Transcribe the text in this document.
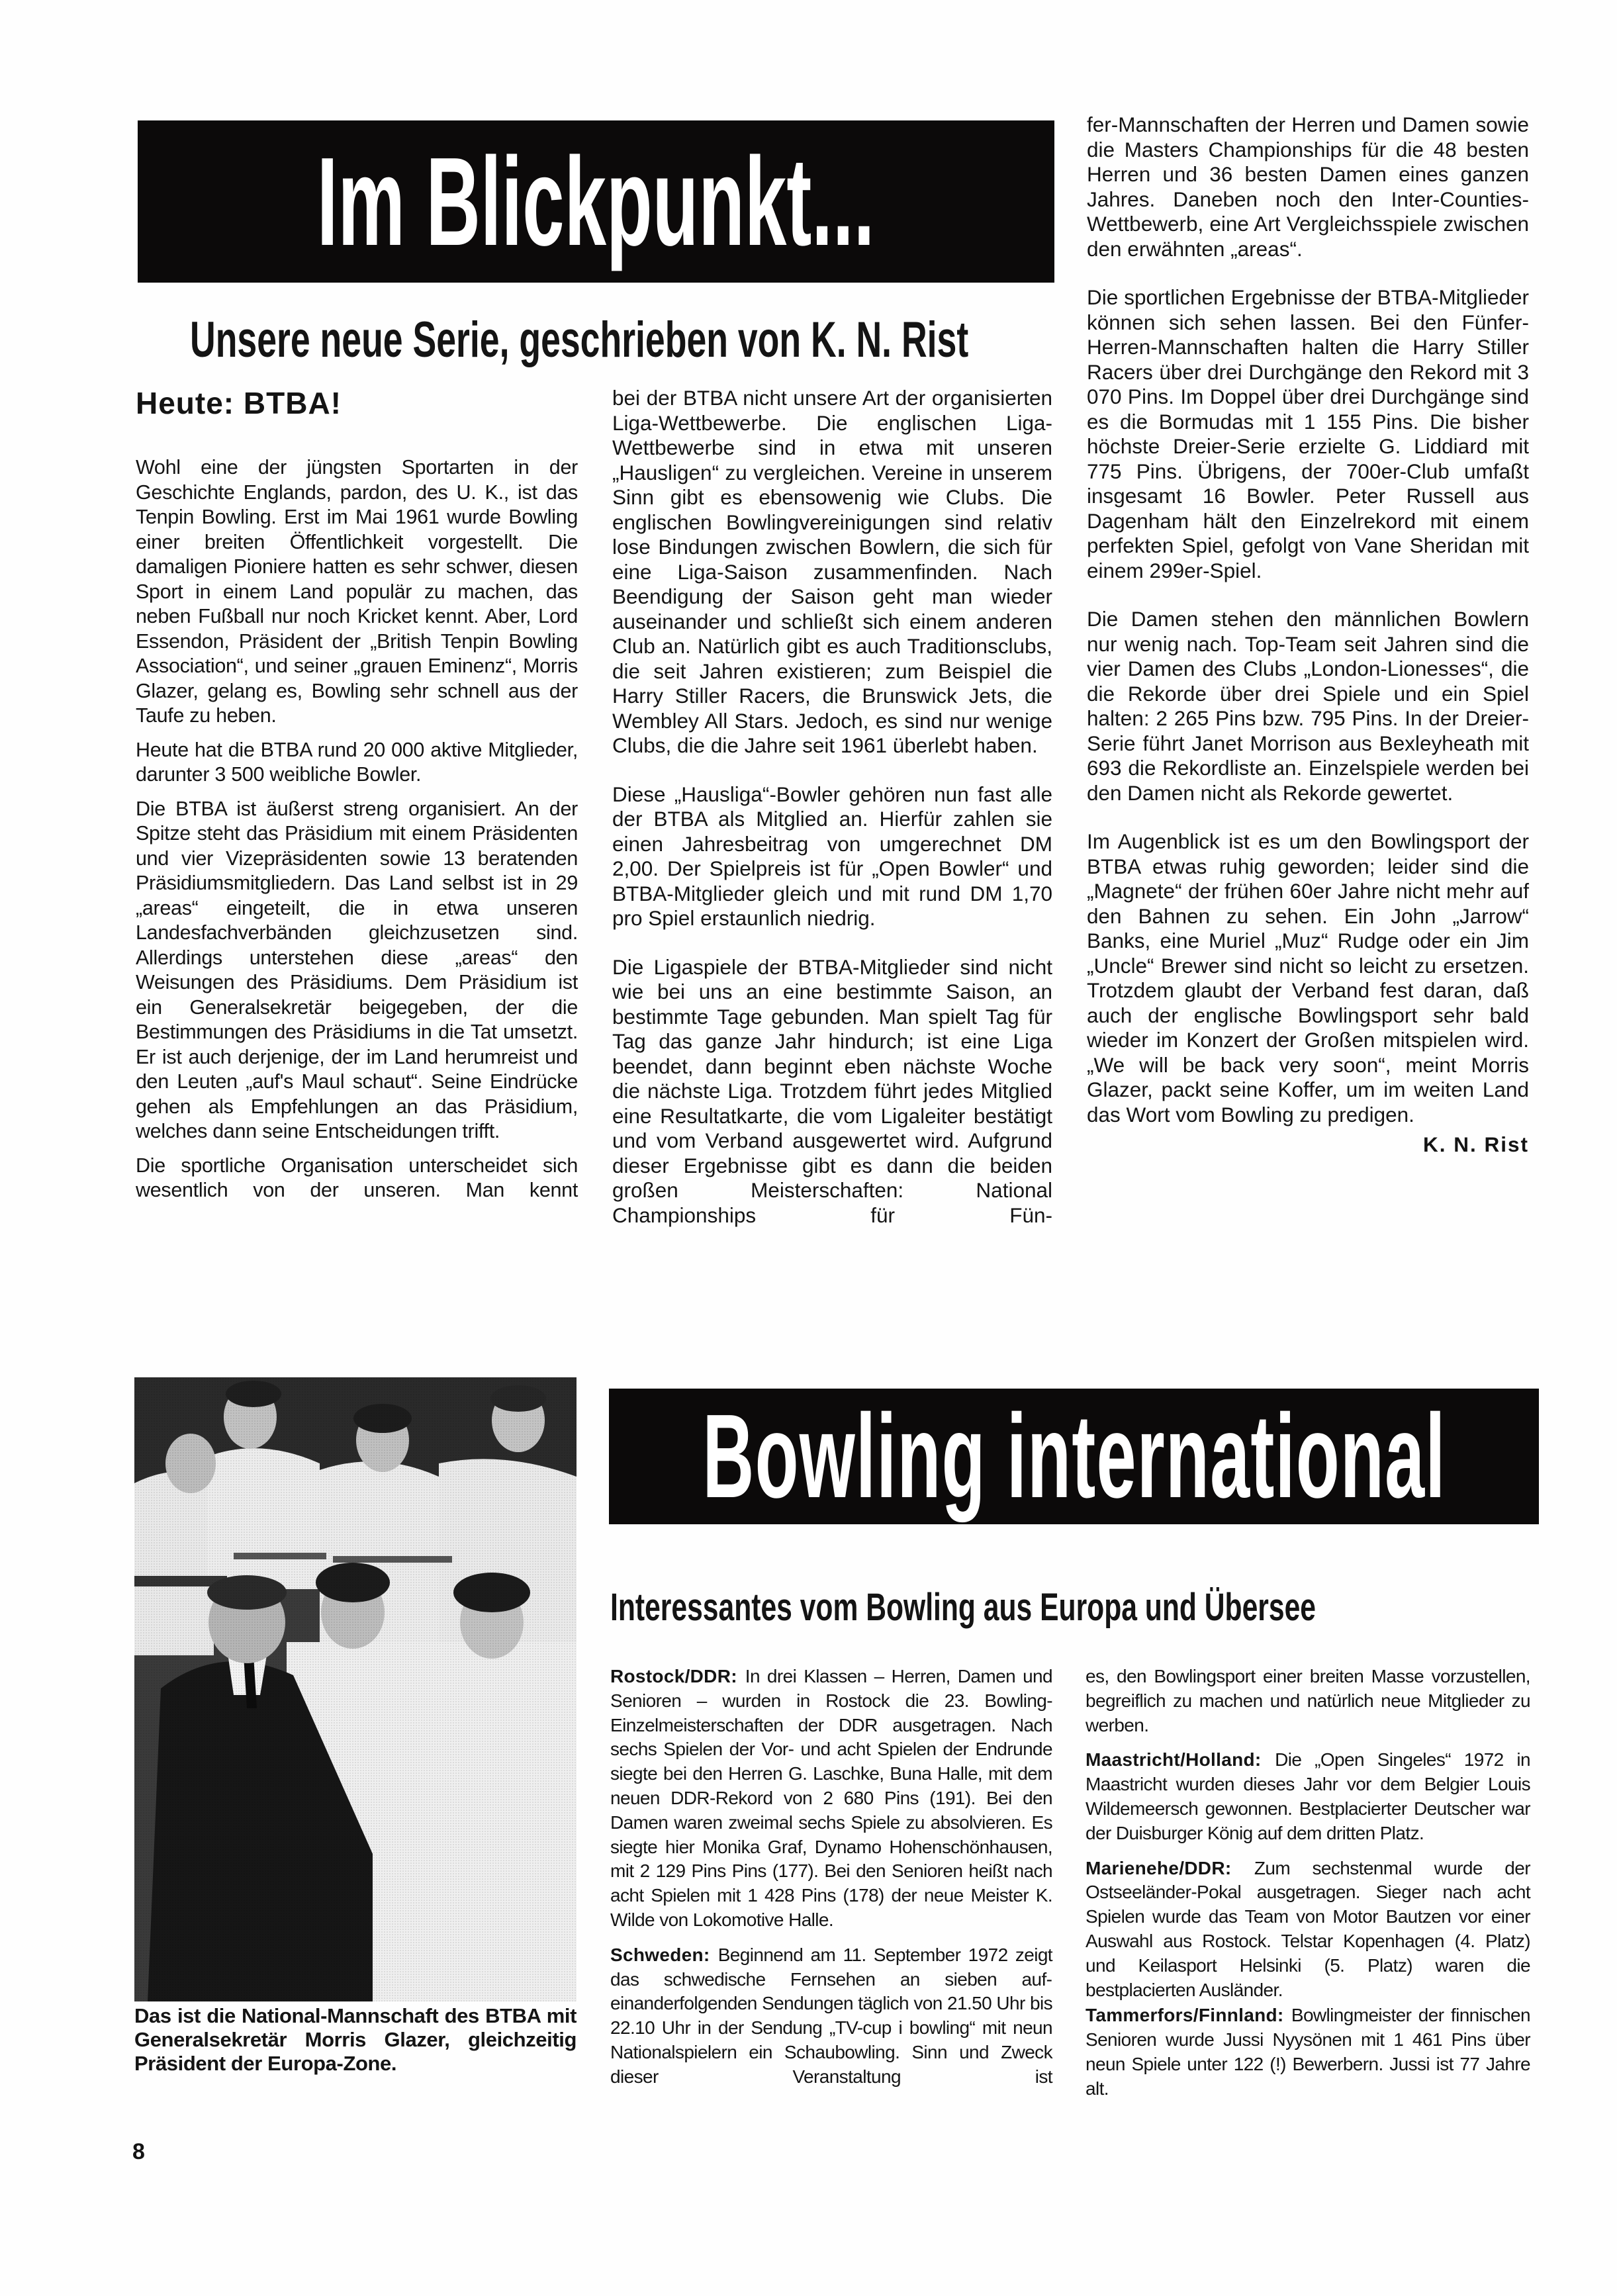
Im Blickpunkt...
Unsere neue Serie, geschrieben von K. N. Rist
Heute: BTBA!

Wohl eine der jüngsten Sportarten in der Geschichte Englands, pardon, des U. K., ist das Tenpin Bowling. Erst im Mai 1961 wurde Bowling einer breiten Öffentlichkeit vorgestellt. Die damaligen Pioniere hatten es sehr schwer, diesen Sport in einem Land populär zu machen, das neben Fußball nur noch Kricket kennt. Aber, Lord Essendon, Präsident der „British Tenpin Bowling Association“, und seiner „grauen Eminenz“, Morris Glazer, gelang es, Bowling sehr schnell aus der Taufe zu heben.

Heute hat die BTBA rund 20 000 aktive Mitglieder, darunter 3 500 weibliche Bowler.

Die BTBA ist äußerst streng organisiert. An der Spitze steht das Präsidium mit einem Präsidenten und vier Vizepräsidenten sowie 13 beratenden Präsidiumsmitgliedern. Das Land selbst ist in 29 „areas“ eingeteilt, die in etwa unseren Landesfachverbänden gleichzusetzen sind. Allerdings unterstehen diese „areas“ den Weisungen des Präsidiums. Dem Präsidium ist ein Generalsekretär beigegeben, der die Bestimmungen des Präsidiums in die Tat umsetzt. Er ist auch derjenige, der im Land herumreist und den Leuten „auf's Maul schaut“. Seine Eindrücke gehen als Empfehlungen an das Präsidium, welches dann seine Entscheidungen trifft.

Die sportliche Organisation unterscheidet sich wesentlich von der unseren. Man kennt

bei der BTBA nicht unsere Art der organisierten Liga-Wettbewerbe. Die englischen Liga-Wettbewerbe sind in etwa mit unseren „Hausligen“ zu vergleichen. Vereine in unserem Sinn gibt es ebensowenig wie Clubs. Die englischen Bowlingvereinigungen sind relativ lose Bindungen zwischen Bowlern, die sich für eine Liga-Saison zusammenfinden. Nach Beendigung der Saison geht man wieder auseinander und schließt sich einem anderen Club an. Natürlich gibt es auch Traditionsclubs, die seit Jahren existieren; zum Beispiel die Harry Stiller Racers, die Brunswick Jets, die Wembley All Stars. Jedoch, es sind nur wenige Clubs, die die Jahre seit 1961 überlebt haben.

Diese „Hausliga“-Bowler gehören nun fast alle der BTBA als Mitglied an. Hierfür zahlen sie einen Jahresbeitrag von umgerechnet DM 2,00. Der Spielpreis ist für „Open Bowler“ und BTBA-Mitglieder gleich und mit rund DM 1,70 pro Spiel erstaunlich niedrig.

Die Ligaspiele der BTBA-Mitglieder sind nicht wie bei uns an eine bestimmte Saison, an bestimmte Tage gebunden. Man spielt Tag für Tag das ganze Jahr hindurch; ist eine Liga beendet, dann beginnt eben nächste Woche die nächste Liga. Trotzdem führt jedes Mitglied eine Resultatkarte, die vom Ligaleiter bestätigt und vom Verband ausgewertet wird. Aufgrund dieser Ergebnisse gibt es dann die beiden großen Meisterschaften: National Championships für Fün-

fer-Mannschaften der Herren und Damen sowie die Masters Championships für die 48 besten Herren und 36 besten Damen eines ganzen Jahres. Daneben noch den Inter-Counties-Wettbewerb, eine Art Vergleichsspiele zwischen den erwähnten „areas“.

Die sportlichen Ergebnisse der BTBA-Mitglieder können sich sehen lassen. Bei den Fünfer-Herren-Mannschaften halten die Harry Stiller Racers über drei Durchgänge den Rekord mit 3 070 Pins. Im Doppel über drei Durchgänge sind es die Bormudas mit 1 155 Pins. Die bisher höchste Dreier-Serie erzielte G. Liddiard mit 775 Pins. Übrigens, der 700er-Club umfaßt insgesamt 16 Bowler. Peter Russell aus Dagenham hält den Einzelrekord mit einem perfekten Spiel, gefolgt von Vane Sheridan mit einem 299er-Spiel.

Die Damen stehen den männlichen Bowlern nur wenig nach. Top-Team seit Jahren sind die vier Damen des Clubs „London-Lionesses“, die die Rekorde über drei Spiele und ein Spiel halten: 2 265 Pins bzw. 795 Pins. In der Dreier-Serie führt Janet Morrison aus Bexleyheath mit 693 die Rekordliste an. Einzelspiele werden bei den Damen nicht als Rekorde gewertet.

Im Augenblick ist es um den Bowlingsport der BTBA etwas ruhig geworden; leider sind die „Magnete“ der frühen 60er Jahre nicht mehr auf den Bahnen zu sehen. Ein John „Jarrow“ Banks, eine Muriel „Muz“ Rudge oder ein Jim „Uncle“ Brewer sind nicht so leicht zu ersetzen. Trotzdem glaubt der Verband fest daran, daß auch der englische Bowlingsport sehr bald wieder im Konzert der Großen mitspielen wird. „We will be back very soon“, meint Morris Glazer, packt seine Koffer, um im weiten Land das Wort vom Bowling zu predigen.

K. N. Rist
Das ist die National-Mannschaft des BTBA mit Generalsekretär Morris Glazer, gleichzeitig Präsident der Europa-Zone.
8
Bowling international
Interessantes vom Bowling aus Europa und Übersee

Rostock/DDR: In drei Klassen – Herren, Damen und Senioren – wurden in Rostock die 23. Bowling-Einzelmeisterschaften der DDR ausgetragen. Nach sechs Spielen der Vor- und acht Spielen der Endrunde siegte bei den Herren G. Laschke, Buna Halle, mit dem neuen DDR-Rekord von 2 680 Pins (191). Bei den Damen waren zweimal sechs Spiele zu absolvieren. Es siegte hier Monika Graf, Dynamo Hohenschönhausen, mit 2 129 Pins Pins (177). Bei den Senioren heißt nach acht Spielen mit 1 428 Pins (178) der neue Meister K. Wilde von Lokomotive Halle.

Schweden: Beginnend am 11. September 1972 zeigt das schwedische Fernsehen an sieben aufeinanderfolgenden Sendungen täglich von 21.50 Uhr bis 22.10 Uhr in der Sendung „TV-cup i bowling“ mit neun Nationalspielern ein Schaubowling. Sinn und Zweck dieser Veranstaltung ist

es, den Bowlingsport einer breiten Masse vorzustellen, begreiflich zu machen und natürlich neue Mitglieder zu werben.

Maastricht/Holland: Die „Open Singeles“ 1972 in Maastricht wurden dieses Jahr vor dem Belgier Louis Wildemeersch gewonnen. Bestplacierter Deutscher war der Duisburger König auf dem dritten Platz.

Marienehe/DDR: Zum sechstenmal wurde der Ostseeländer-Pokal ausgetragen. Sieger nach acht Spielen wurde das Team von Motor Bautzen vor einer Auswahl aus Rostock. Telstar Kopenhagen (4. Platz) und Keilasport Helsinki (5. Platz) waren die bestplacierten Ausländer.

Tammerfors/Finnland: Bowlingmeister der finnischen Senioren wurde Jussi Nyysönen mit 1 461 Pins über neun Spiele unter 122 (!) Bewerbern. Jussi ist 77 Jahre alt.
